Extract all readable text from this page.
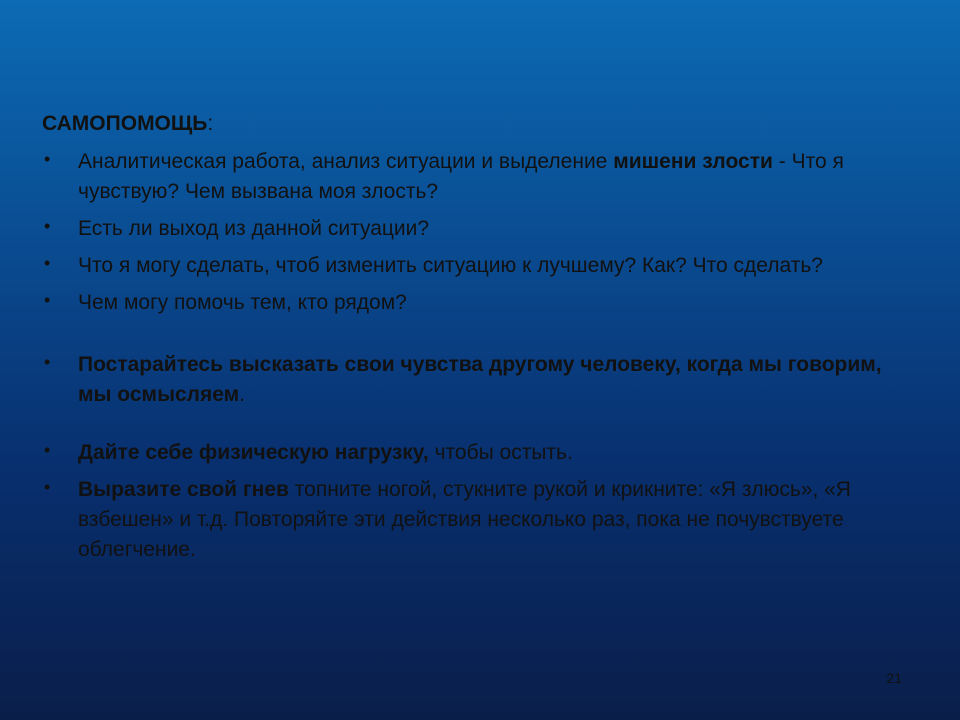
САМОПОМОЩЬ:
• Аналитическая работа, анализ ситуации и выделение мишени злости - Что я чувствую? Чем вызвана моя злость?
• Есть ли выход из данной ситуации?
• Что я могу сделать, чтоб изменить ситуацию к лучшему? Как? Что сделать?
• Чем могу помочь тем, кто рядом?
• Постарайтесь высказать свои чувства другому человеку, когда мы говорим, мы осмысляем.
• Дайте себе физическую нагрузку, чтобы остыть.
• Выразите свой гнев топните ногой, стукните рукой и крикните: «Я злюсь», «Я взбешен» и т.д. Повторяйте эти действия несколько раз, пока не почувствуете облегчение.
21
